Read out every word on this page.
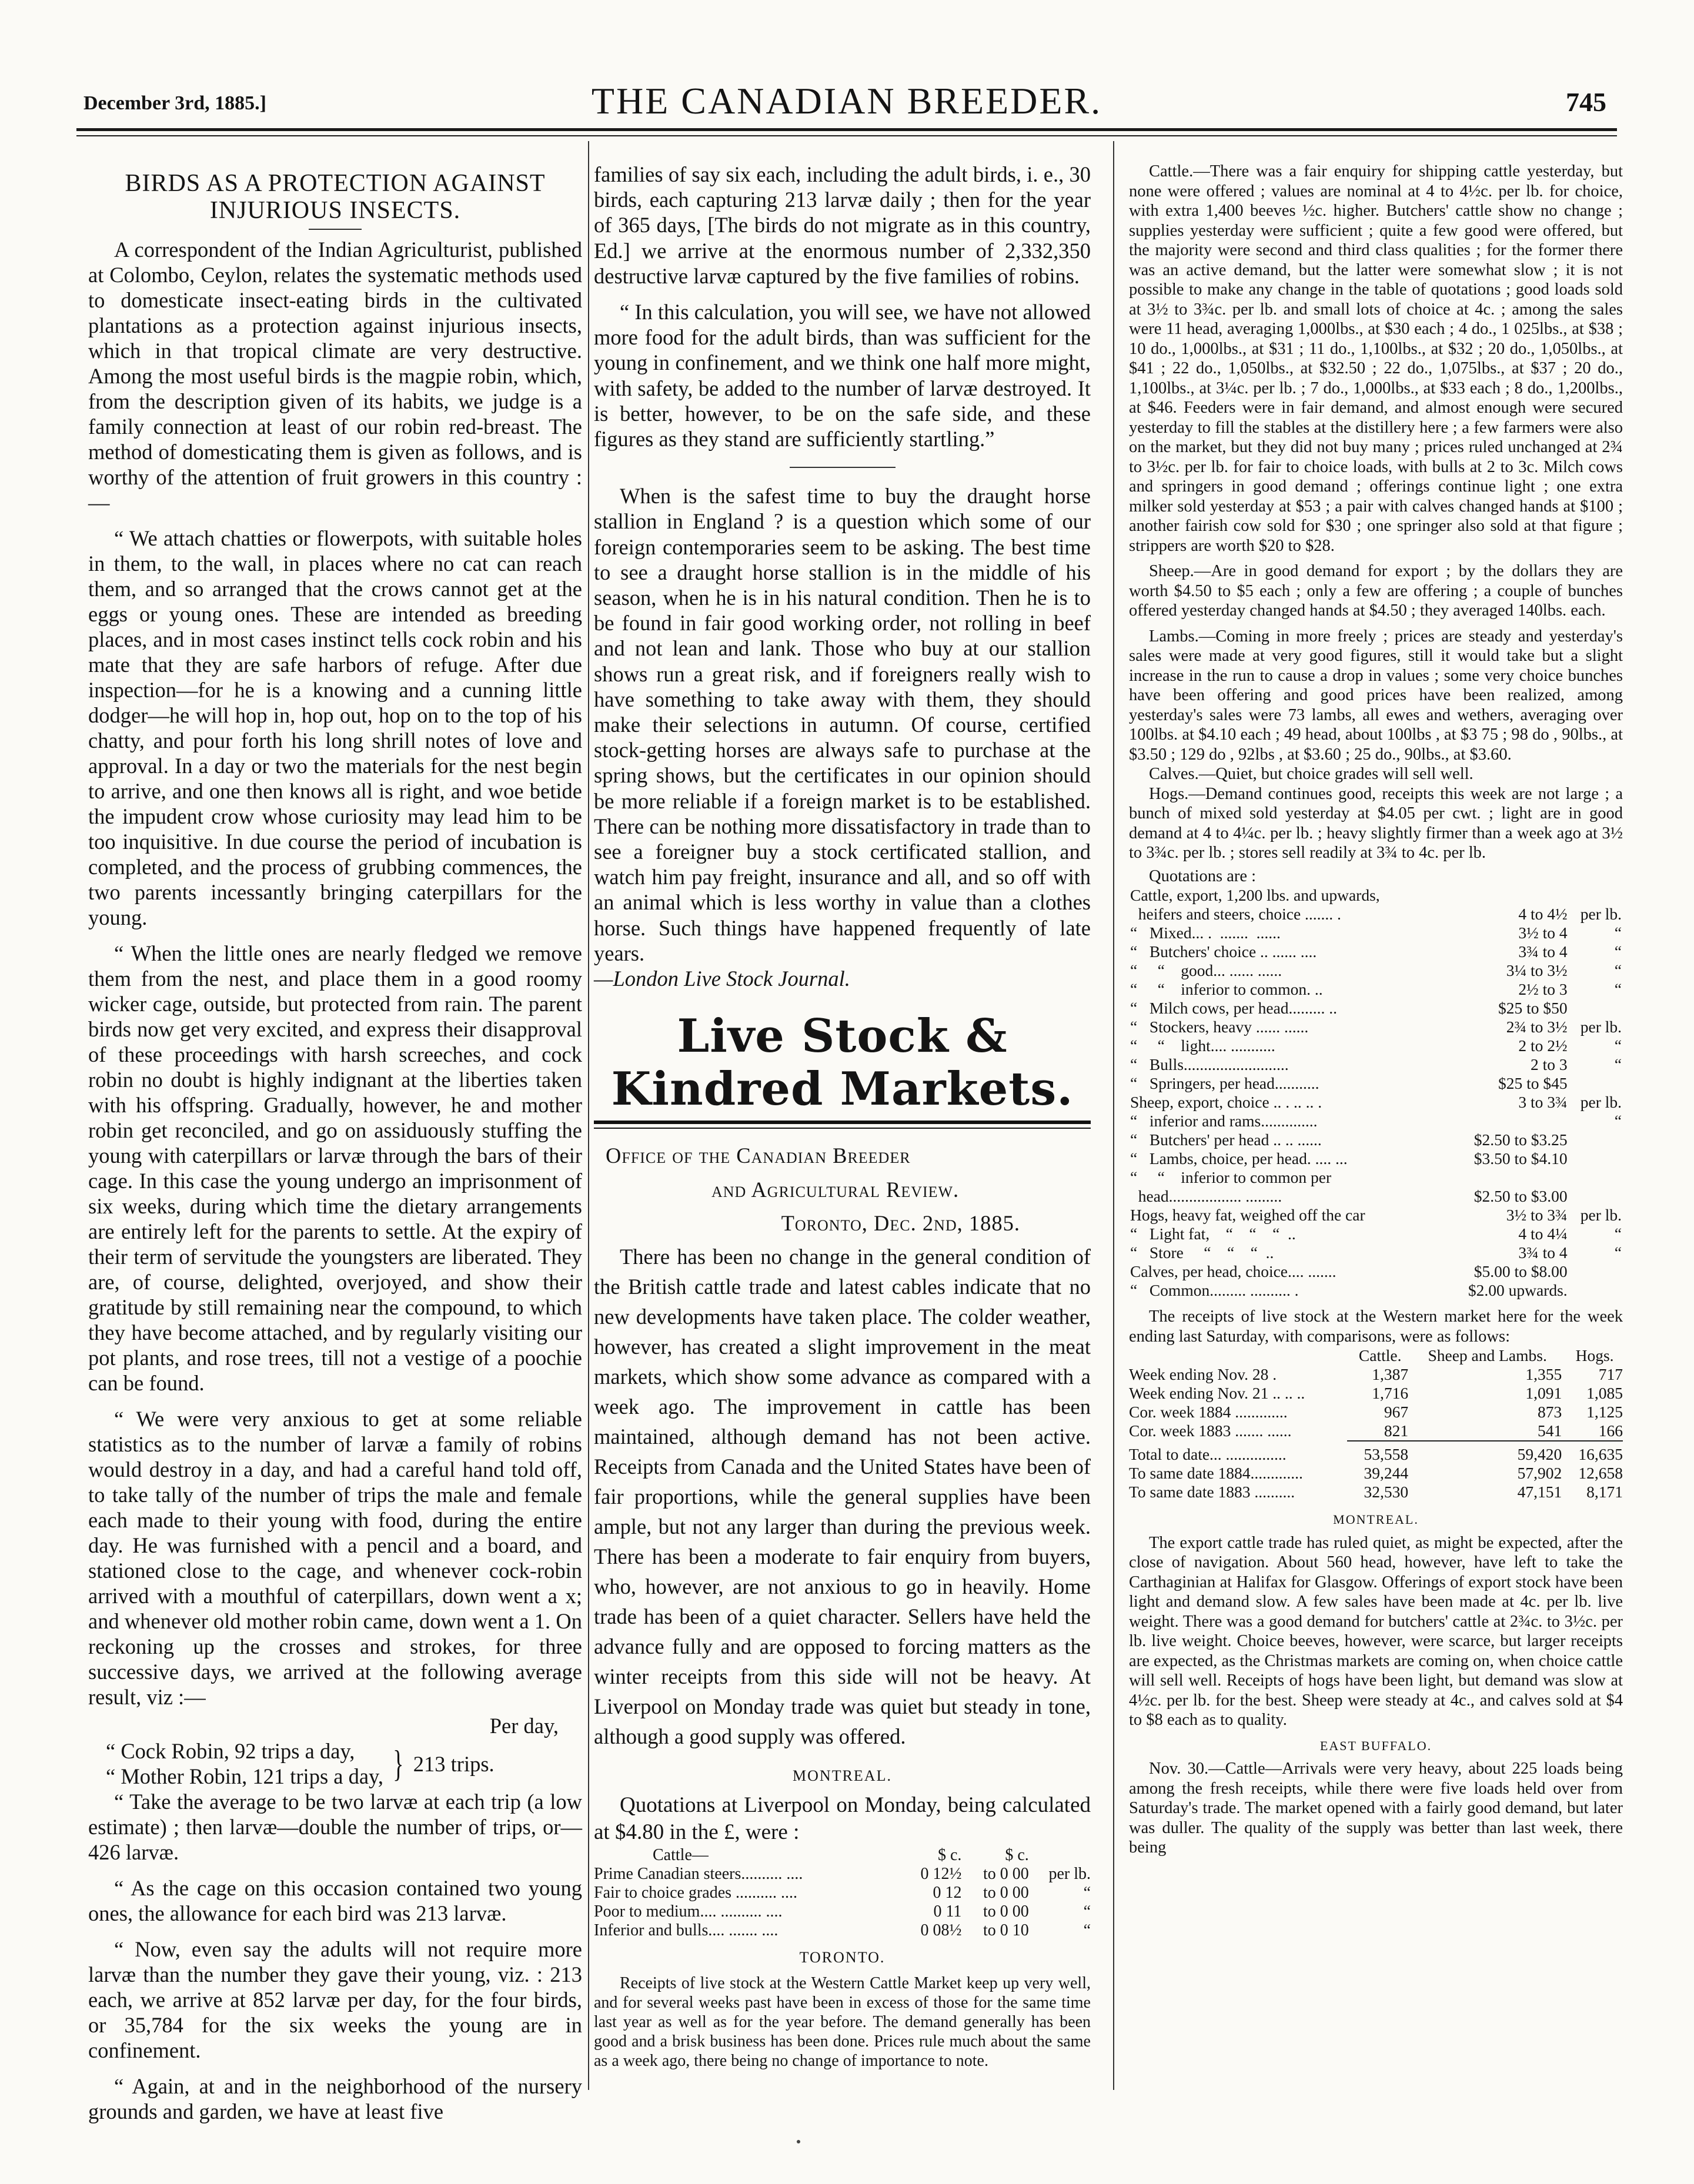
December 3rd, 1885.]	THE CANADIAN BREEDER.	745
BIRDS AS A PROTECTION AGAINST
INJURIOUS INSECTS.

A correspondent of the Indian Agriculturist, published at Colombo, Ceylon, relates the systematic methods used to domesticate insect-eating birds in the cultivated plantations as a protection against injurious insects, which in that tropical climate are very destructive. Among the most useful birds is the magpie robin, which, from the description given of its habits, we judge is a family connection at least of our robin red-breast. The method of domesticating them is given as follows, and is worthy of the attention of fruit growers in this country :—

“ We attach chatties or flowerpots, with suitable holes in them, to the wall, in places where no cat can reach them, and so arranged that the crows cannot get at the eggs or young ones. These are intended as breeding places, and in most cases instinct tells cock robin and his mate that they are safe harbors of refuge. After due inspection—for he is a knowing and a cunning little dodger—he will hop in, hop out, hop on to the top of his chatty, and pour forth his long shrill notes of love and approval. In a day or two the materials for the nest begin to arrive, and one then knows all is right, and woe betide the impudent crow whose curiosity may lead him to be too inquisitive. In due course the period of incubation is completed, and the process of grubbing commences, the two parents incessantly bringing caterpillars for the young.

“ When the little ones are nearly fledged we remove them from the nest, and place them in a good roomy wicker cage, outside, but protected from rain. The parent birds now get very excited, and express their disapproval of these proceedings with harsh screeches, and cock robin no doubt is highly indignant at the liberties taken with his offspring. Gradually, however, he and mother robin get reconciled, and go on assiduously stuffing the young with caterpillars or larvæ through the bars of their cage. In this case the young undergo an imprisonment of six weeks, during which time the dietary arrangements are entirely left for the parents to settle. At the expiry of their term of servitude the youngsters are liberated. They are, of course, delighted, overjoyed, and show their gratitude by still remaining near the compound, to which they have become attached, and by regularly visiting our pot plants, and rose trees, till not a vestige of a poochie can be found.

“ We were very anxious to get at some reliable statistics as to the number of larvæ a family of robins would destroy in a day, and had a careful hand told off, to take tally of the number of trips the male and female each made to their young with food, during the entire day. He was furnished with a pencil and a board, and stationed close to the cage, and whenever cock-robin arrived with a mouthful of caterpillars, down went a x; and whenever old mother robin came, down went a 1. On reckoning up the crosses and strokes, for three successive days, we arrived at the following average result, viz :—

Per day,
“ Cock Robin, 92 trips a day,
“ Mother Robin, 121 trips a day, } 213 trips.

“ Take the average to be two larvæ at each trip (a low estimate) ; then larvæ—double the number of trips, or—426 larvæ.

“ As the cage on this occasion contained two young ones, the allowance for each bird was 213 larvæ.

“ Now, even say the adults will not require more larvæ than the number they gave their young, viz. : 213 each, we arrive at 852 larvæ per day, for the four birds, or 35,784 for the six weeks the young are in confinement.

“ Again, at and in the neighborhood of the nursery grounds and garden, we have at least five

families of say six each, including the adult birds, i. e., 30 birds, each capturing 213 larvæ daily ; then for the year of 365 days, [The birds do not migrate as in this country, Ed.] we arrive at the enormous number of 2,332,350 destructive larvæ captured by the five families of robins.

“ In this calculation, you will see, we have not allowed more food for the adult birds, than was sufficient for the young in confinement, and we think one half more might, with safety, be added to the number of larvæ destroyed. It is better, however, to be on the safe side, and these figures as they stand are sufficiently startling.”

When is the safest time to buy the draught horse stallion in England ? is a question which some of our foreign contemporaries seem to be asking. The best time to see a draught horse stallion is in the middle of his season, when he is in his natural condition. Then he is to be found in fair good working order, not rolling in beef and not lean and lank. Those who buy at our stallion shows run a great risk, and if foreigners really wish to have something to take away with them, they should make their selections in autumn. Of course, certified stock-getting horses are always safe to purchase at the spring shows, but the certificates in our opinion should be more reliable if a foreign market is to be established. There can be nothing more dissatisfactory in trade than to see a foreigner buy a stock certificated stallion, and watch him pay freight, insurance and all, and so off with an animal which is less worthy in value than a clothes horse. Such things have happened frequently of late years.

—London Live Stock Journal.
Live Stock & Kindred Markets.
Office of the Canadian Breeder
and Agricultural Review.
Toronto, Dec. 2nd, 1885.

There has been no change in the general condition of the British cattle trade and latest cables indicate that no new developments have taken place. The colder weather, however, has created a slight improvement in the meat markets, which show some advance as compared with a week ago. The improvement in cattle has been maintained, although demand has not been active. Receipts from Canada and the United States have been of fair proportions, while the general supplies have been ample, but not any larger than during the previous week. There has been a moderate to fair enquiry from buyers, who, however, are not anxious to go in heavily. Home trade has been of a quiet character. Sellers have held the advance fully and are opposed to forcing matters as the winter receipts from this side will not be heavy. At Liverpool on Monday trade was quiet but steady in tone, although a good supply was offered.

MONTREAL.

Quotations at Liverpool on Monday, being calculated at $4.80 in the £, were :

Cattle—	$ c.	$ c.	
Prime Canadian steers.......... ....	0 12½	to 0 00	per lb.
Fair to choice grades .......... ....	0 12	to 0 00	“
Poor to medium.... .......... ....	0 11	to 0 00	“
Inferior and bulls.... ....... ....	0 08½	to 0 10	“
TORONTO.

Receipts of live stock at the Western Cattle Market keep up very well, and for several weeks past have been in excess of those for the same time last year as well as for the year before. The demand generally has been good and a brisk business has been done. Prices rule much about the same as a week ago, there being no change of importance to note.

Cattle.—There was a fair enquiry for shipping cattle yesterday, but none were offered ; values are nominal at 4 to 4½c. per lb. for choice, with extra 1,400 beeves ½c. higher. Butchers' cattle show no change ; supplies yesterday were sufficient ; quite a few good were offered, but the majority were second and third class qualities ; for the former there was an active demand, but the latter were somewhat slow ; it is not possible to make any change in the table of quotations ; good loads sold at 3½ to 3¾c. per lb. and small lots of choice at 4c. ; among the sales were 11 head, averaging 1,000lbs., at $30 each ; 4 do., 1 025lbs., at $38 ; 10 do., 1,000lbs., at $31 ; 11 do., 1,100lbs., at $32 ; 20 do., 1,050lbs., at $41 ; 22 do., 1,050lbs., at $32.50 ; 22 do., 1,075lbs., at $37 ; 20 do., 1,100lbs., at 3¼c. per lb. ; 7 do., 1,000lbs., at $33 each ; 8 do., 1,200lbs., at $46. Feeders were in fair demand, and almost enough were secured yesterday to fill the stables at the distillery here ; a few farmers were also on the market, but they did not buy many ; prices ruled unchanged at 2¾ to 3½c. per lb. for fair to choice loads, with bulls at 2 to 3c. Milch cows and springers in good demand ; offerings continue light ; one extra milker sold yesterday at $53 ; a pair with calves changed hands at $100 ; another fairish cow sold for $30 ; one springer also sold at that figure ; strippers are worth $20 to $28.

Sheep.—Are in good demand for export ; by the dollars they are worth $4.50 to $5 each ; only a few are offering ; a couple of bunches offered yesterday changed hands at $4.50 ; they averaged 140lbs. each.

Lambs.—Coming in more freely ; prices are steady and yesterday's sales were made at very good figures, still it would take but a slight increase in the run to cause a drop in values ; some very choice bunches have been offering and good prices have been realized, among yesterday's sales were 73 lambs, all ewes and wethers, averaging over 100lbs. at $4.10 each ; 49 head, about 100lbs , at $3 75 ; 98 do , 90lbs., at $3.50 ; 129 do , 92lbs , at $3.60 ; 25 do., 90lbs., at $3.60.

Calves.—Quiet, but choice grades will sell well.

Hogs.—Demand continues good, receipts this week are not large ; a bunch of mixed sold yesterday at $4.05 per cwt. ; light are in good demand at 4 to 4¼c. per lb. ; heavy slightly firmer than a week ago at 3½ to 3¾c. per lb. ; stores sell readily at 3¾ to 4c. per lb.

Quotations are :
Cattle, export, 1,200 lbs. and upwards,		
heifers and steers, choice ....... .	4 to 4½	per lb.
“   Mixed... .  .......  ......	3½ to 4	“
“   Butchers' choice .. ...... ....	3¾ to 4	“
“     “    good... ...... ......	3¼ to 3½	“
“     “    inferior to common. ..	2½ to 3	“
“   Milch cows, per head......... ..	$25 to $50	
“   Stockers, heavy ...... ......	2¾ to 3½	per lb.
“     “    light.... ...........	2 to 2½	“
“   Bulls..........................	2 to 3	“
“   Springers, per head...........	$25 to $45	
Sheep, export, choice .. . .. .. .	3 to 3¾	per lb.
“   inferior and rams..............		“
“   Butchers' per head .. .. ......	$2.50 to $3.25	
“   Lambs, choice, per head. .... ...	$3.50 to $4.10	
“     “    inferior to common per		
head.................. .........	$2.50 to $3.00	
Hogs, heavy fat, weighed off the car	3½ to 3¾	per lb.
“   Light fat,    “    “    “  ..	4 to 4¼	“
“   Store     “    “    “  ..	3¾ to 4	“
Calves, per head, choice.... .......	$5.00 to $8.00	
“   Common......... .......... .	$2.00 upwards.	

The receipts of live stock at the Western market here for the week ending last Saturday, with comparisons, were as follows:

	Cattle.	Sheep and Lambs.	Hogs.
Week ending Nov. 28 .	1,387	1,355	717
Week ending Nov. 21 .. .. ..	1,716	1,091	1,085
Cor. week 1884 .............	967	873	1,125
Cor. week 1883 ....... ......	821	541	166

Total to date... ...............	53,558	59,420	16,635
To same date 1884.............	39,244	57,902	12,658
To same date 1883 ..........	32,530	47,151	8,171
MONTREAL.

The export cattle trade has ruled quiet, as might be expected, after the close of navigation. About 560 head, however, have left to take the Carthaginian at Halifax for Glasgow. Offerings of export stock have been light and demand slow. A few sales have been made at 4c. per lb. live weight. There was a good demand for butchers' cattle at 2¾c. to 3½c. per lb. live weight. Choice beeves, however, were scarce, but larger receipts are expected, as the Christmas markets are coming on, when choice cattle will sell well. Receipts of hogs have been light, but demand was slow at 4½c. per lb. for the best. Sheep were steady at 4c., and calves sold at $4 to $8 each as to quality.

EAST BUFFALO.

Nov. 30.—Cattle—Arrivals were very heavy, about 225 loads being among the fresh receipts, while there were five loads held over from Saturday's trade. The market opened with a fairly good demand, but later was duller. The quality of the supply was better than last week, there being
